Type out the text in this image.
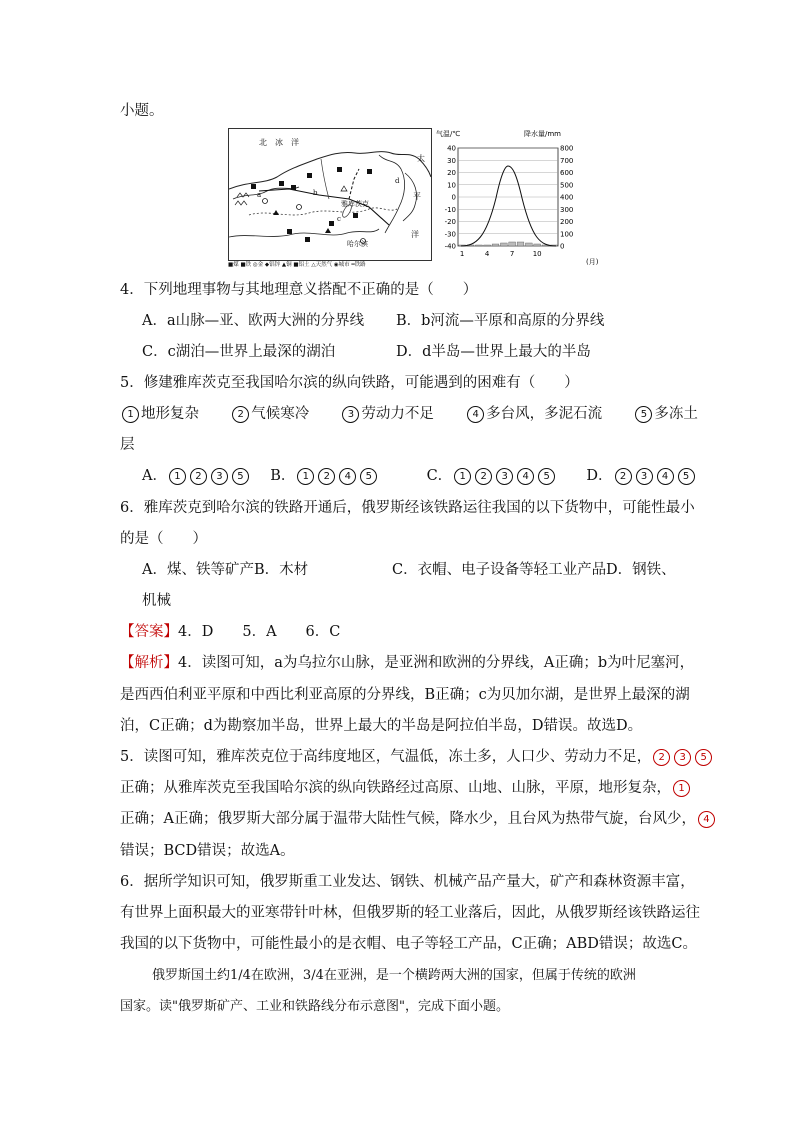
小题。
北　冰　洋
太
平
洋
雅库茨克
哈尔滨
a	b
c
d
■煤 ■铁 ◎金 ◆铝锌 ▲铜 ■铝土 △天然气 ◉城市 ━铁路
气温/℃	降水量/mm
40
30
20
10
0
-10
-20
-30
-40
800
700
600
500
400
300
200
100
0
1	4	7	10
(月)
4．下列地理事物与其地理意义搭配不正确的是（　　）
A．a山脉—亚、欧两大洲的分界线 B．b河流—平原和高原的分界线
C．c湖泊—世界上最深的湖泊	D．d半岛—世界上最大的半岛
5．修建雅库茨克至我国哈尔滨的纵向铁路，可能遇到的困难有（　　）
1 地形复杂	2 气候寒冷	3 劳动力不足	4 多台风，多泥石流	5 多冻土
层
A． 1 2 3 5 B． 1 2 4 5	C． 1 2 3 4 5	D． 2 3 4 5
6．雅库茨克到哈尔滨的铁路开通后，俄罗斯经该铁路运往我国的以下货物中，可能性最小
的是（　　）
A．煤、铁等矿产 B．木材	C．衣帽、电子设备等轻工业产品 D．钢铁、
机械
【答案】4．D　　5．A　　6．C
【解析】4．读图可知，a为乌拉尔山脉，是亚洲和欧洲的分界线，A正确；b为叶尼塞河，
是西西伯利亚平原和中西比利亚高原的分界线，B正确；c为贝加尔湖，是世界上最深的湖
泊，C正确；d为勘察加半岛，世界上最大的半岛是阿拉伯半岛，D错误。故选D。
5．读图可知，雅库茨克位于高纬度地区，气温低，冻土多，人口少、劳动力不足， 2 3 5
正确；从雅库茨克至我国哈尔滨的纵向铁路经过高原、山地、山脉，平原，地形复杂， 1
正确；A正确；俄罗斯大部分属于温带大陆性气候，降水少，且台风为热带气旋，台风少， 4
错误；BCD错误；故选A。
6．据所学知识可知，俄罗斯重工业发达、钢铁、机械产品产量大，矿产和森林资源丰富，
有世界上面积最大的亚寒带针叶林，但俄罗斯的轻工业落后，因此，从俄罗斯经该铁路运往
我国的以下货物中，可能性最小的是衣帽、电子等轻工产品，C正确；ABD错误；故选C。
俄罗斯国土约1/4在欧洲，3/4在亚洲，是一个横跨两大洲的国家，但属于传统的欧洲
国家。读"俄罗斯矿产、工业和铁路线分布示意图"，完成下面小题。
